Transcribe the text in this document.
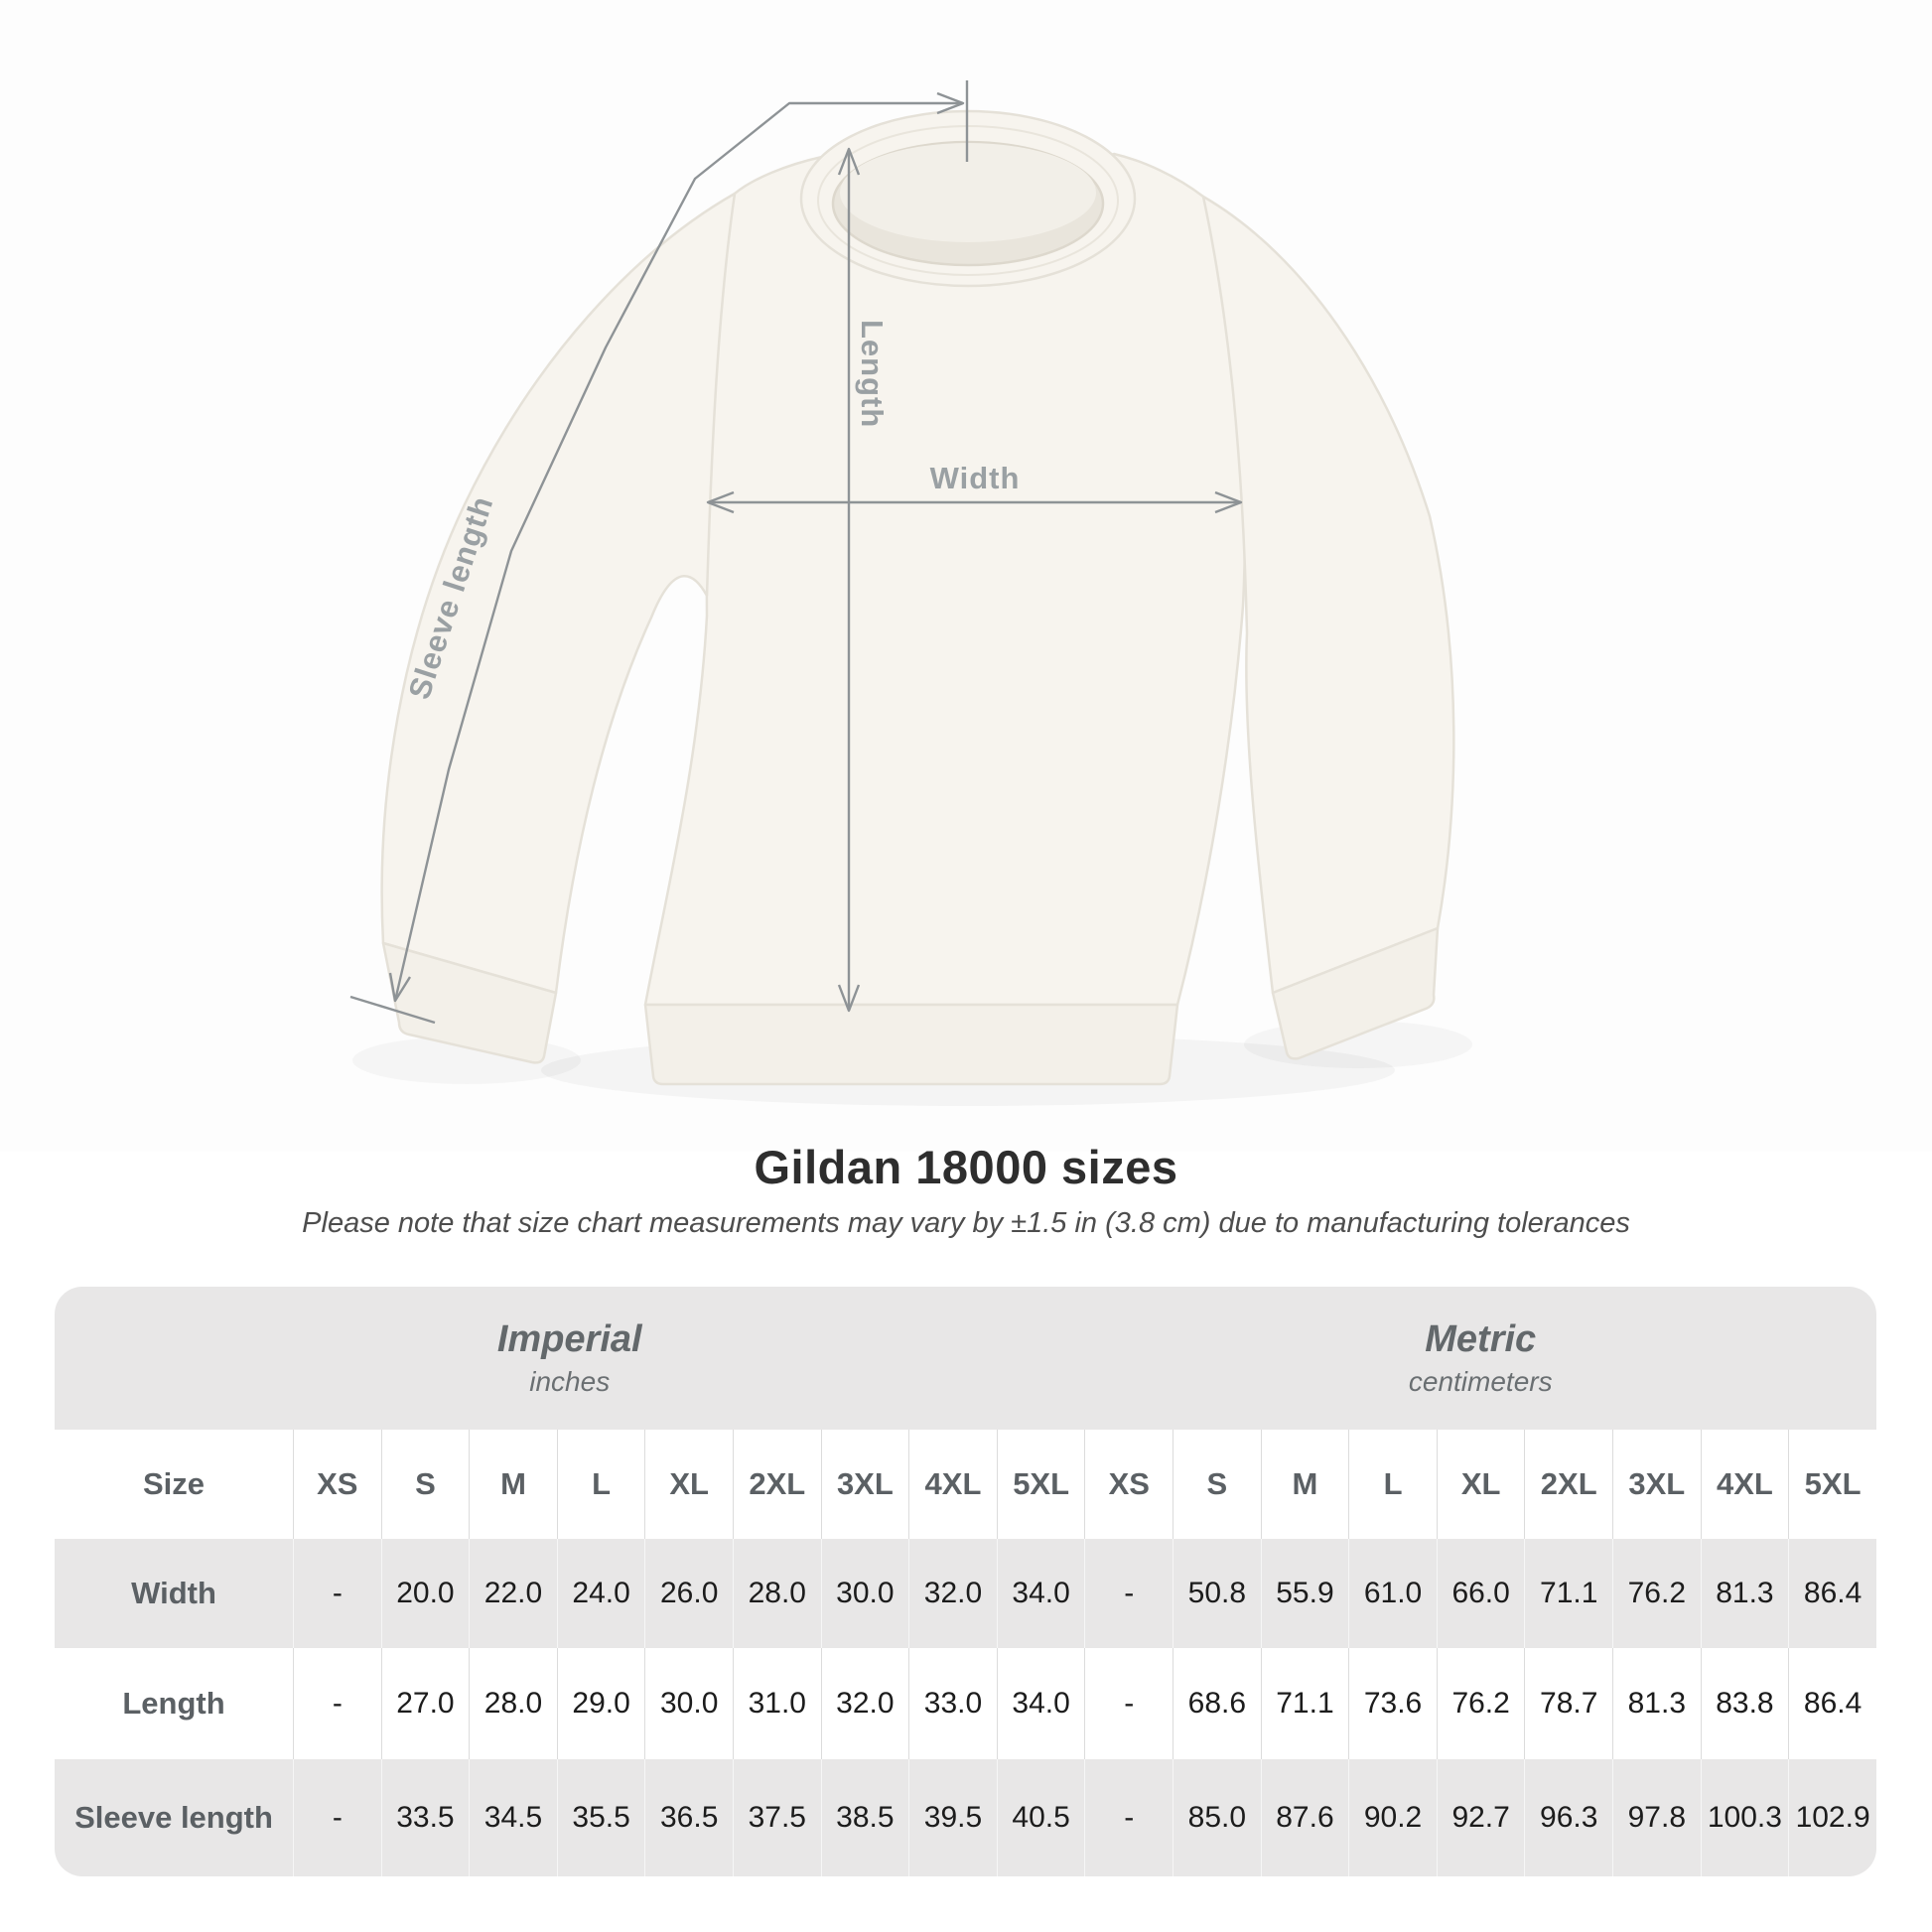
Length
Width
Sleeve length
Gildan 18000 sizes
Please note that size chart measurements may vary by ±1.5 in (3.8 cm) due to manufacturing tolerances
Imperial
inches

Metric
centimeters

Size	XS	S	M	L	XL	2XL	3XL	4XL	5XL	XS	S	M	L	XL	2XL	3XL	4XL	5XL
Width	-	20.0	22.0	24.0	26.0	28.0	30.0	32.0	34.0	-	50.8	55.9	61.0	66.0	71.1	76.2	81.3	86.4
Length	-	27.0	28.0	29.0	30.0	31.0	32.0	33.0	34.0	-	68.6	71.1	73.6	76.2	78.7	81.3	83.8	86.4
Sleeve length	-	33.5	34.5	35.5	36.5	37.5	38.5	39.5	40.5	-	85.0	87.6	90.2	92.7	96.3	97.8	100.3	102.9
